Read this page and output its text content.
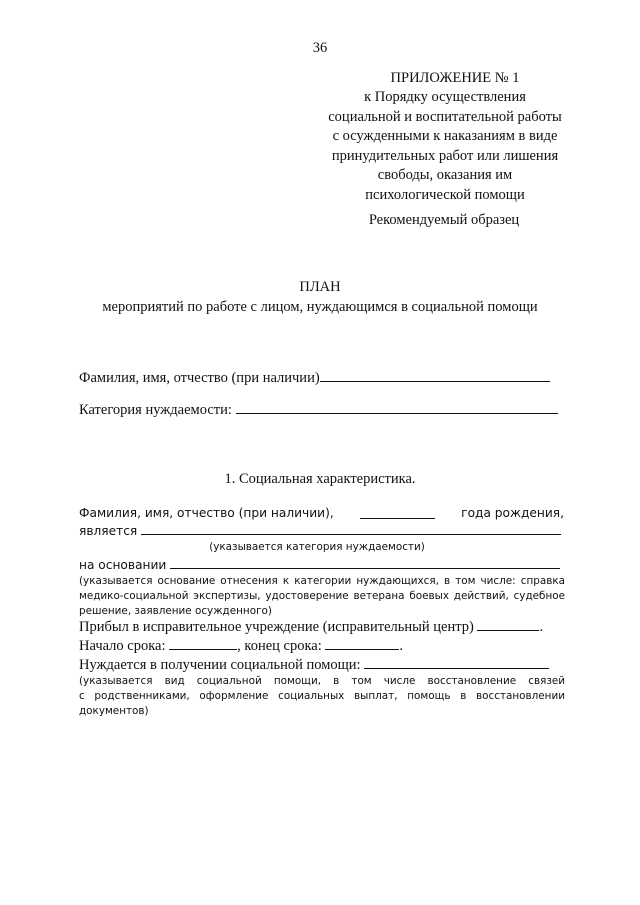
36
ПРИЛОЖЕНИЕ № 1
к Порядку осуществления
социальной и воспитательной работы
с осужденными к наказаниям в виде
принудительных работ или лишения
свободы, оказания им
психологической помощи
Рекомендуемый образец
ПЛАН
мероприятий по работе с лицом, нуждающимся в социальной помощи
Фамилия, имя, отчество (при наличии)
Категория нуждаемости:
1. Социальная характеристика.
Фамилия, имя, отчество (при наличии),	года рождения,
является
(указывается категория нуждаемости)
на основании
(указывается основание отнесения к категории нуждающихся, в том числе: справка
медико-социальной экспертизы, удостоверение ветерана боевых действий, судебное
решение, заявление осужденного)
Прибыл в исправительное учреждение (исправительный центр)	.
Начало срока:	, конец срока:	.
Нуждается в получении социальной помощи:
(указывается вид социальной помощи, в том числе восстановление связей
с родственниками, оформление социальных выплат, помощь в восстановлении
документов)
